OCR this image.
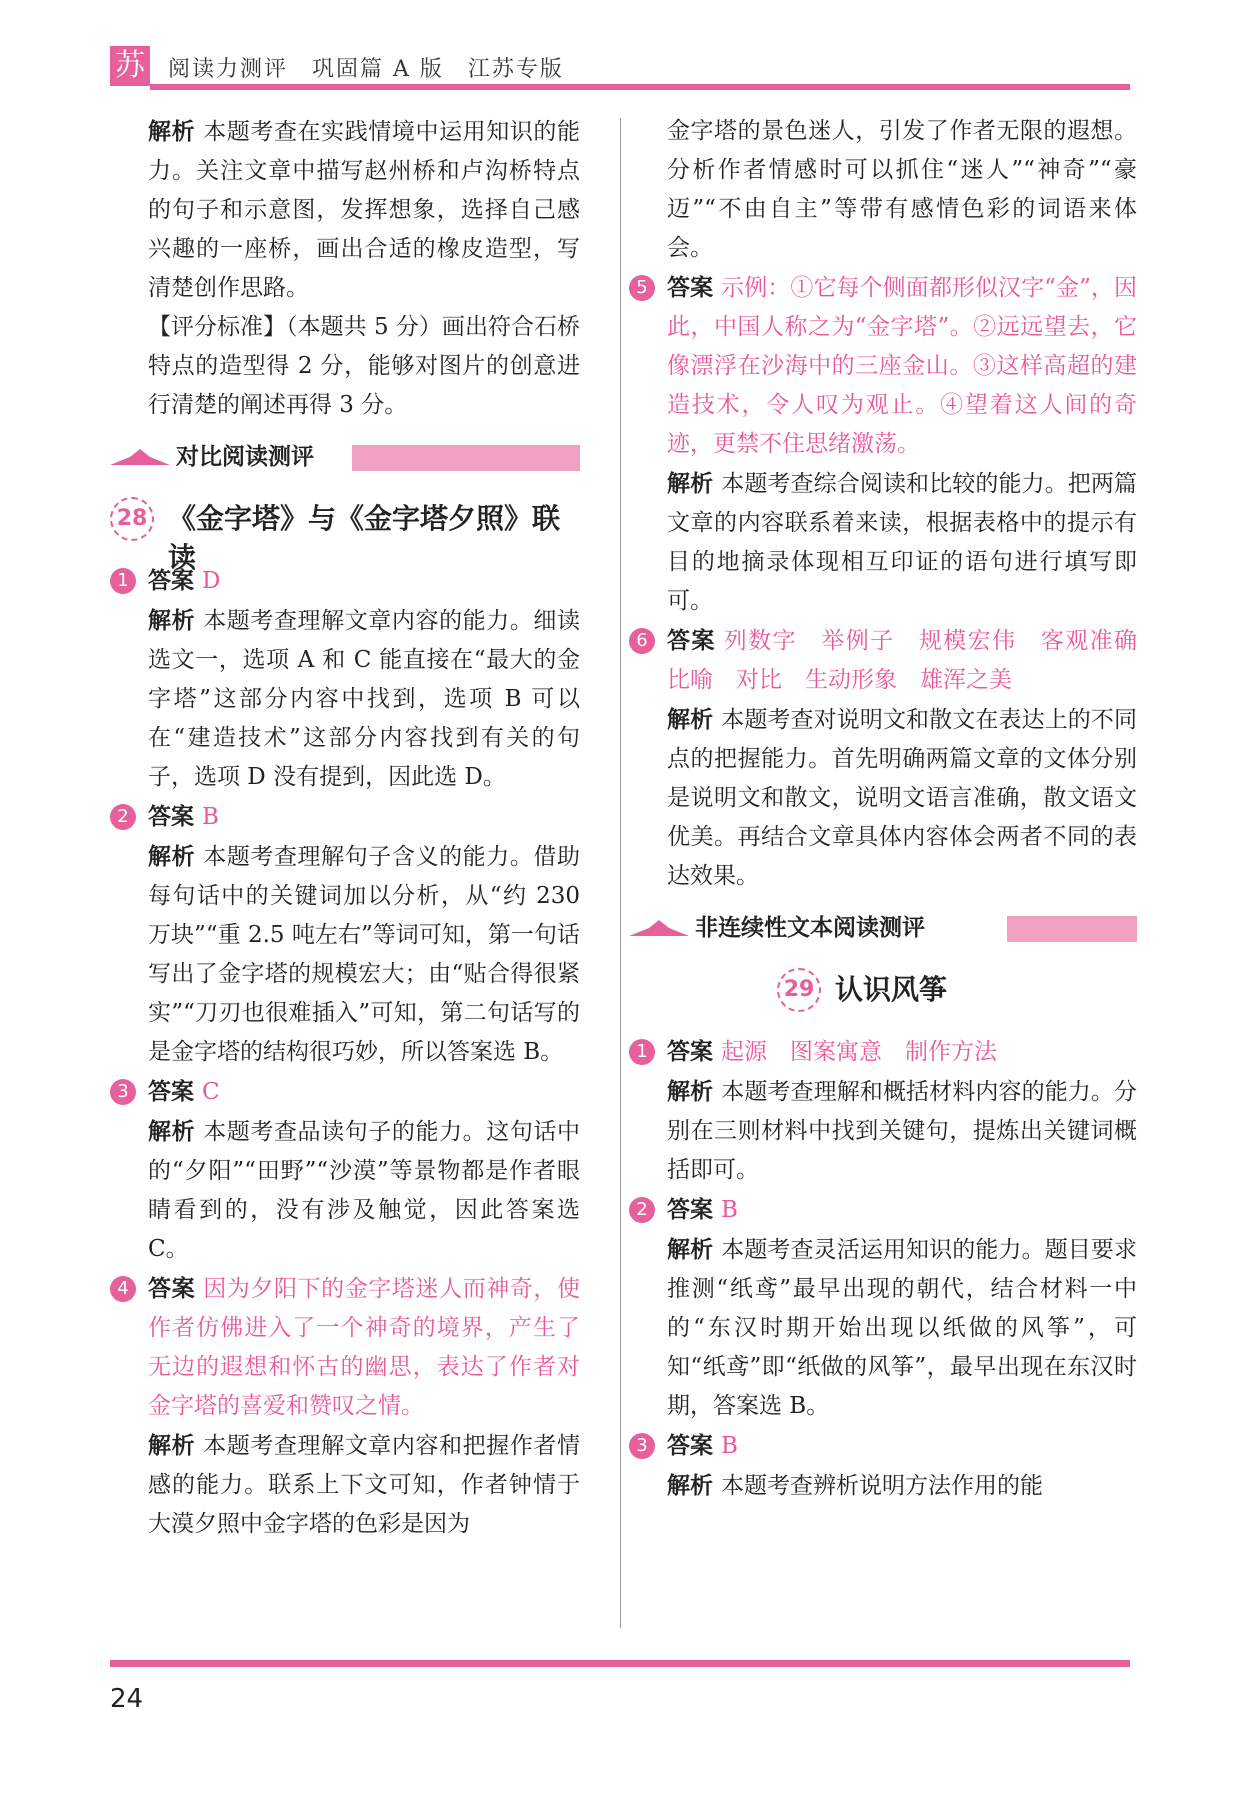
苏 阅读力测评　巩固篇 A 版　江苏专版

解析 本题考查在实践情境中运用知识的能力。关注文章中描写赵州桥和卢沟桥特点的句子和示意图，发挥想象，选择自己感兴趣的一座桥，画出合适的橡皮造型，写清楚创作思路。

【评分标准】（本题共 5 分）画出符合石桥特点的造型得 2 分，能够对图片的创意进行清楚的阐述再得 3 分。

对比阅读测评
28 《金字塔》与《金字塔夕照》联读

1 答案 D

解析 本题考查理解文章内容的能力。细读选文一，选项 A 和 C 能直接在“最大的金字塔”这部分内容中找到，选项 B 可以在“建造技术”这部分内容找到有关的句子，选项 D 没有提到，因此选 D。

2 答案 B

解析 本题考查理解句子含义的能力。借助每句话中的关键词加以分析，从“约 230 万块”“重 2.5 吨左右”等词可知，第一句话写出了金字塔的规模宏大；由“贴合得很紧实”“刀刃也很难插入”可知，第二句话写的是金字塔的结构很巧妙，所以答案选 B。

3 答案 C

解析 本题考查品读句子的能力。这句话中的“夕阳”“田野”“沙漠”等景物都是作者眼睛看到的，没有涉及触觉，因此答案选 C。

4 答案 因为夕阳下的金字塔迷人而神奇，使作者仿佛进入了一个神奇的境界，产生了无边的遐想和怀古的幽思，表达了作者对金字塔的喜爱和赞叹之情。

解析 本题考查理解文章内容和把握作者情感的能力。联系上下文可知，作者钟情于大漠夕照中金字塔的色彩是因为

金字塔的景色迷人，引发了作者无限的遐想。分析作者情感时可以抓住“迷人”“神奇”“豪迈”“不由自主”等带有感情色彩的词语来体会。

5 答案 示例：①它每个侧面都形似汉字“金”，因此，中国人称之为“金字塔”。②远远望去，它像漂浮在沙海中的三座金山。③这样高超的建造技术，令人叹为观止。④望着这人间的奇迹，更禁不住思绪激荡。

解析 本题考查综合阅读和比较的能力。把两篇文章的内容联系着来读，根据表格中的提示有目的地摘录体现相互印证的语句进行填写即可。

6 答案 列数字　举例子　规模宏伟　客观准确　比喻　对比　生动形象　雄浑之美

解析 本题考查对说明文和散文在表达上的不同点的把握能力。首先明确两篇文章的文体分别是说明文和散文，说明文语言准确，散文语文优美。再结合文章具体内容体会两者不同的表达效果。

非连续性文本阅读测评
29 认识风筝

1 答案 起源　图案寓意　制作方法

解析 本题考查理解和概括材料内容的能力。分别在三则材料中找到关键句，提炼出关键词概括即可。

2 答案 B

解析 本题考查灵活运用知识的能力。题目要求推测“纸鸢”最早出现的朝代，结合材料一中的“东汉时期开始出现以纸做的风筝”，可知“纸鸢”即“纸做的风筝”，最早出现在东汉时期，答案选 B。

3 答案 B

解析 本题考查辨析说明方法作用的能

24
